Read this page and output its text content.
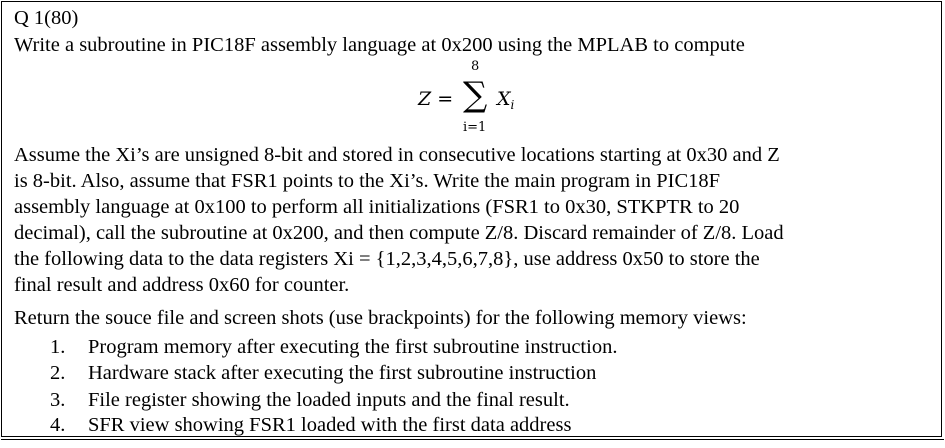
Q 1(80)
Write a subroutine in PIC18F assembly language at 0x200 using the MPLAB to compute
Z =
8
∑
i=1
$X_i$
Assume the Xi’s are unsigned 8-bit and stored in consecutive locations starting at 0x30 and Z
is 8-bit. Also, assume that FSR1 points to the Xi’s. Write the main program in PIC18F
assembly language at 0x100 to perform all initializations (FSR1 to 0x30, STKPTR to 20
decimal), call the subroutine at 0x200, and then compute Z/8. Discard remainder of Z/8. Load
the following data to the data registers Xi = {1,2,3,4,5,6,7,8}, use address 0x50 to store the
final result and address 0x60 for counter.
Return the souce file and screen shots (use brackpoints) for the following memory views:
1. Program memory after executing the first subroutine instruction.
2. Hardware stack after executing the first subroutine instruction
3. File register showing the loaded inputs and the final result.
4. SFR view showing FSR1 loaded with the first data address
